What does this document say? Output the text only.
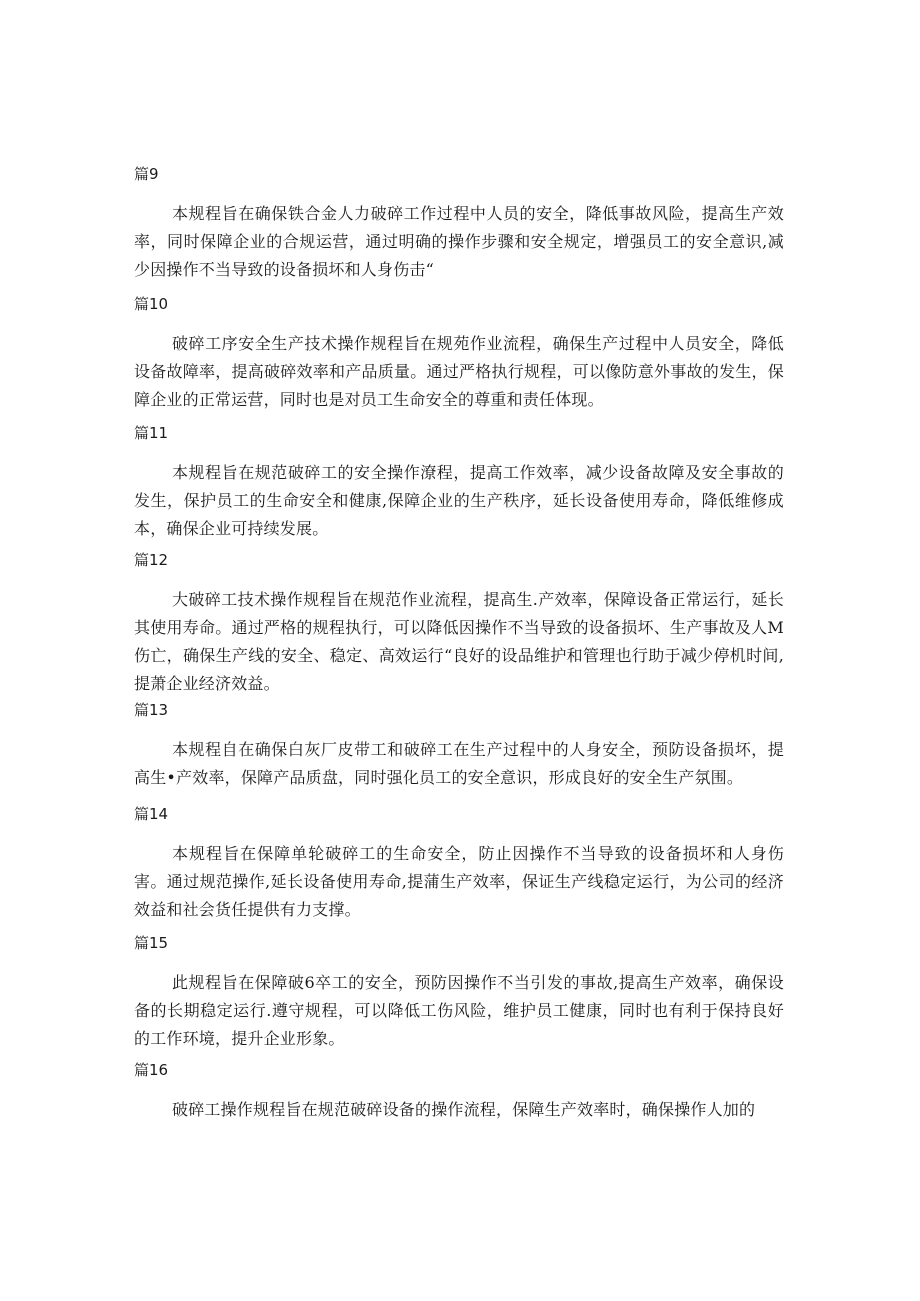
篇9

本规程旨在确保铁合金人力破碎工作过程中人员的安全，降低事故风险，提高生产效率，同时保障企业的合规运营，通过明确的操作步骤和安全规定，增强员工的安全意识,减少因操作不当导致的设备损坏和人身伤击“

篇10

破碎工序安全生产技术操作规程旨在规苑作业流程，确保生产过程中人员安全，降低设备故障率，提高破碎效率和产品质量。通过严格执行规程，可以像防意外事故的发生，保障企业的正常运营，同时也是对员工生命安全的尊重和责任体现。

篇11

本规程旨在规范破碎工的安全操作潦程，提高工作效率，减少设备故障及安全事故的发生，保护员工的生命安全和健康,保障企业的生产秩序，延长设备使用寿命，降低维修成本，确保企业可持续发展。

篇12

大破碎工技术操作规程旨在规范作业流程，提高生.产效率，保障设备正常运行，延长其使用寿命。通过严格的规程执行，可以降低因操作不当导致的设备损坏、生产事故及人M伤亡，确保生产线的安全、稳定、高效运行“良好的设品维护和管理也行助于减少停机时间,提萧企业经济效益。

篇13

本规程自在确保白灰厂皮带工和破碎工在生产过程中的人身安全，预防设备损坏，提高生•产效率，保障产品质盘，同时强化员工的安全意识，形成良好的安全生产氛围。

篇14

本规程旨在保障单轮破碎工的生命安全，防止因操作不当导致的设备损坏和人身伤害。通过规范操作,延长设备使用寿命,提蒲生产效率，保证生产线稳定运行，为公司的经济效益和社会货任提供有力支撑。

篇15

此规程旨在保障破6卒工的安全，预防因操作不当引发的事故,提高生产效率，确保设备的长期稳定运行.遵守规程，可以降低工伤风险，维护员工健康，同时也有利于保持良好的工作环境，提升企业形象。

篇16

破碎工操作规程旨在规范破碎设备的操作流程，保障生产效率时，确保操作人加的
